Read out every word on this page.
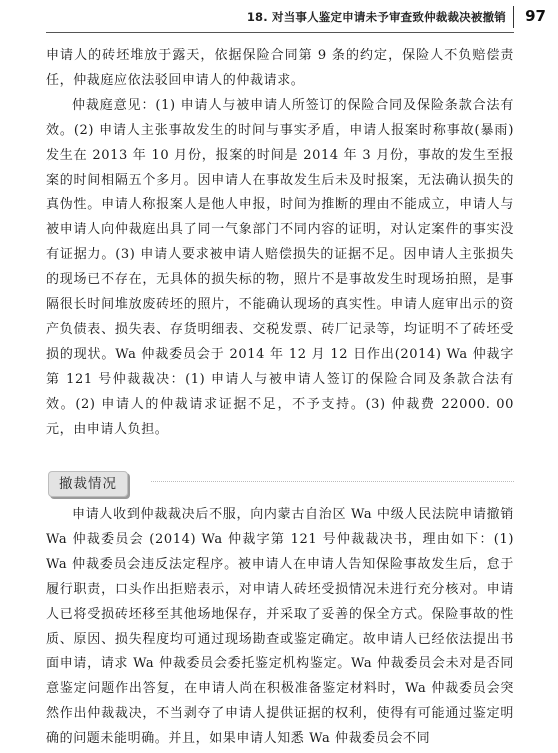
18. 对当事人鉴定申请未予审查致仲裁裁决被撤销 97

申请人的砖坯堆放于露天，依据保险合同第 9 条的约定，保险人不负赔偿责任，仲裁庭应依法驳回申请人的仲裁请求。

仲裁庭意见：(1) 申请人与被申请人所签订的保险合同及保险条款合法有效。(2) 申请人主张事故发生的时间与事实矛盾，申请人报案时称事故(暴雨) 发生在 2013 年 10 月份，报案的时间是 2014 年 3 月份，事故的发生至报案的时间相隔五个多月。因申请人在事故发生后未及时报案，无法确认损失的真伪性。申请人称报案人是他人申报，时间为推断的理由不能成立，申请人与被申请人向仲裁庭出具了同一气象部门不同内容的证明，对认定案件的事实没有证据力。(3) 申请人要求被申请人赔偿损失的证据不足。因申请人主张损失的现场已不存在，无具体的损失标的物，照片不是事故发生时现场拍照，是事隔很长时间堆放废砖坯的照片，不能确认现场的真实性。申请人庭审出示的资产负债表、损失表、存货明细表、交税发票、砖厂记录等，均证明不了砖坯受损的现状。Wa 仲裁委员会于 2014 年 12 月 12 日作出(2014) Wa 仲裁字第 121 号仲裁裁决：(1) 申请人与被申请人签订的保险合同及条款合法有效。(2) 申请人的仲裁请求证据不足，不予支持。(3) 仲裁费 22000. 00 元，由申请人负担。

撤裁情况

申请人收到仲裁裁决后不服，向内蒙古自治区 Wa 中级人民法院申请撤销 Wa 仲裁委员会 (2014) Wa 仲裁字第 121 号仲裁裁决书，理由如下：(1) Wa 仲裁委员会违反法定程序。被申请人在申请人告知保险事故发生后，怠于履行职责，口头作出拒赔表示，对申请人砖坯受损情况未进行充分核对。申请人已将受损砖坯移至其他场地保存，并采取了妥善的保全方式。保险事故的性质、原因、损失程度均可通过现场勘查或鉴定确定。故申请人已经依法提出书面申请，请求 Wa 仲裁委员会委托鉴定机构鉴定。Wa 仲裁委员会未对是否同意鉴定问题作出答复，在申请人尚在积极准备鉴定材料时，Wa 仲裁委员会突然作出仲裁裁决，不当剥夺了申请人提供证据的权利，使得有可能通过鉴定明确的问题未能明确。并且，如果申请人知悉 Wa 仲裁委员会不同
